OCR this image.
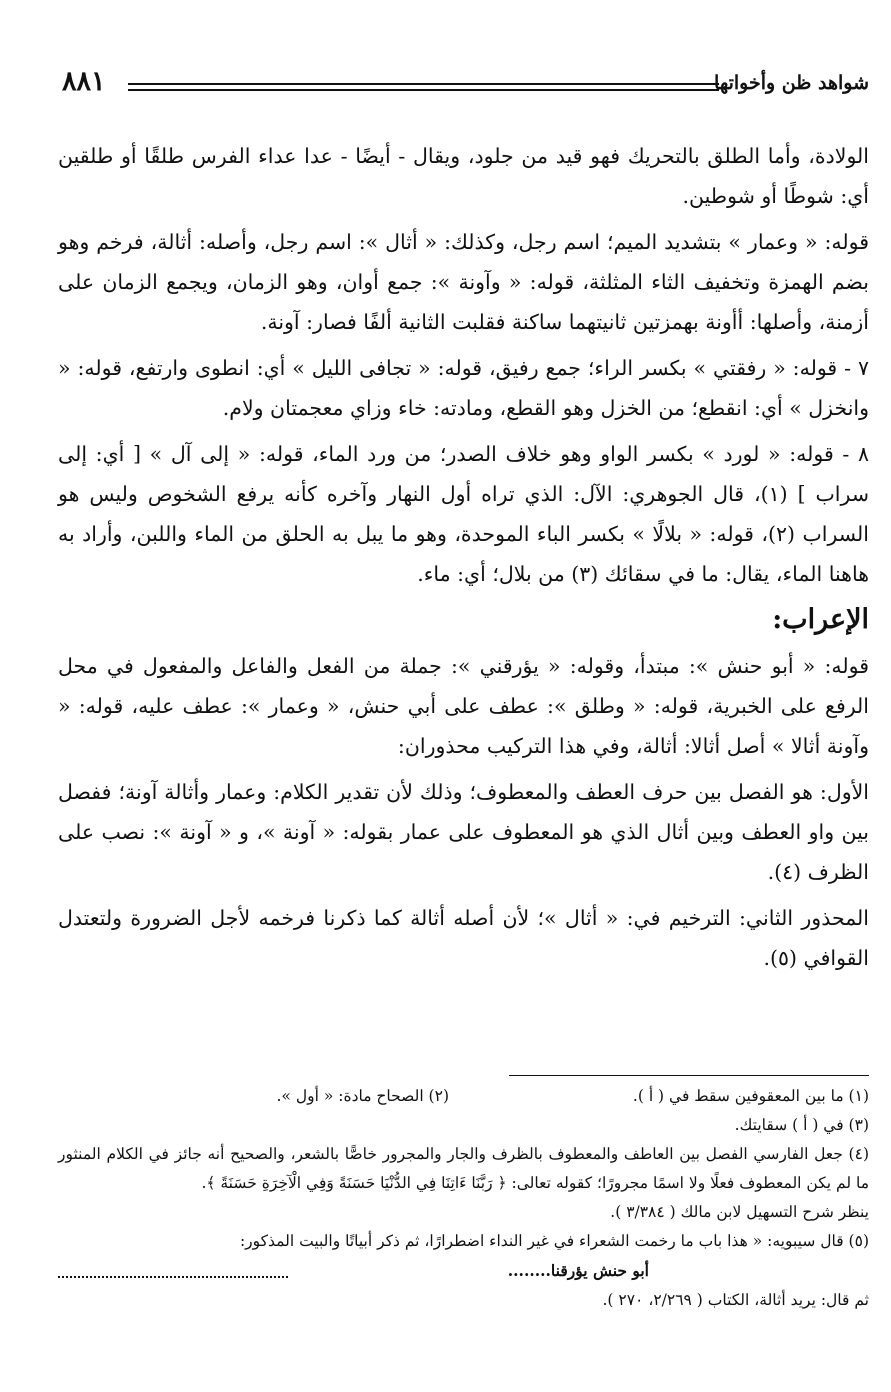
شواهد ظن وأخواتها
٨٨١

الولادة، وأما الطلق بالتحريك فهو قيد من جلود، ويقال - أيضًا - عدا عداء الفرس طلقًا أو طلقين أي: شوطًا أو شوطين.

قوله: « وعمار » بتشديد الميم؛ اسم رجل، وكذلك: « أثال »: اسم رجل، وأصله: أثالة، فرخم وهو بضم الهمزة وتخفيف الثاء المثلثة، قوله: « وآونة »: جمع أوان، وهو الزمان، ويجمع الزمان على أزمنة، وأصلها: أأونة بهمزتين ثانيتهما ساكنة فقلبت الثانية ألفًا فصار: آونة.

٧ - قوله: « رفقتي » بكسر الراء؛ جمع رفيق، قوله: « تجافى الليل » أي: انطوى وارتفع، قوله: « وانخزل » أي: انقطع؛ من الخزل وهو القطع، ومادته: خاء وزاي معجمتان ولام.

٨ - قوله: « لورد » بكسر الواو وهو خلاف الصدر؛ من ورد الماء، قوله: « إلى آل » [ أي: إلى سراب ] (١)، قال الجوهري: الآل: الذي تراه أول النهار وآخره كأنه يرفع الشخوص وليس هو السراب (٢)، قوله: « بلالًا » بكسر الباء الموحدة، وهو ما يبل به الحلق من الماء واللبن، وأراد به هاهنا الماء، يقال: ما في سقائك (٣) من بلال؛ أي: ماء.

الإعراب:

قوله: « أبو حنش »: مبتدأ، وقوله: « يؤرقني »: جملة من الفعل والفاعل والمفعول في محل الرفع على الخبرية، قوله: « وطلق »: عطف على أبي حنش، « وعمار »: عطف عليه، قوله: « وآونة أثالا » أصل أثالا: أثالة، وفي هذا التركيب محذوران:

الأول: هو الفصل بين حرف العطف والمعطوف؛ وذلك لأن تقدير الكلام: وعمار وأثالة آونة؛ ففصل بين واو العطف وبين أثال الذي هو المعطوف على عمار بقوله: « آونة »، و « آونة »: نصب على الظرف (٤).

المحذور الثاني: الترخيم في: « أثال »؛ لأن أصله أثالة كما ذكرنا فرخمه لأجل الضرورة ولتعتدل القوافي (٥).

(١) ما بين المعقوفين سقط في ( أ ).
(٢) الصحاح مادة: « أول ».
(٣) في ( أ ) سقايتك.
(٤) جعل الفارسي الفصل بين العاطف والمعطوف بالظرف والجار والمجرور خاصًّا بالشعر، والصحيح أنه جائز في الكلام المنثور ما لم يكن المعطوف فعلًا ولا اسمًا مجرورًا؛ كقوله تعالى: ﴿ رَبَّنَا ءَاتِنَا فِي الدُّنْيَا حَسَنَةً وَفِي الْآخِرَةِ حَسَنَةً ﴾.
ينظر شرح التسهيل لابن مالك ( ٣/٣٨٤ ).
(٥) قال سيبويه: « هذا باب ما رخمت الشعراء في غير النداء اضطرارًا، ثم ذكر أبياتًا والبيت المذكور:
أبو حنش يؤرقنا........
ثم قال: يريد أثالة، الكتاب ( ٢/٢٦٩، ٢٧٠ ).
